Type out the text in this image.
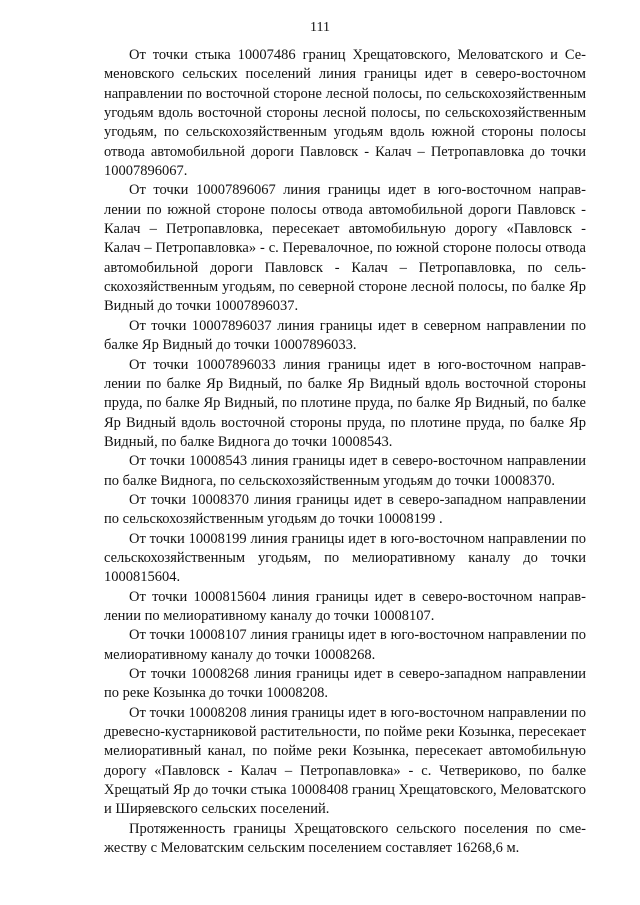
111

От точки стыка 10007486 границ Хрещатовского, Меловатского и Семеновского сельских поселений линия границы идет в северо-восточном направлении по восточной стороне лесной полосы, по сельскохозяйственным угодьям вдоль восточной стороны лесной полосы, по сельскохозяйственным угодьям, по сельскохозяйственным угодьям вдоль южной стороны полосы отвода автомобильной дороги Павловск - Калач – Петропавловка до точки 10007896067.

От точки 10007896067 линия границы идет в юго-восточном направлении по южной стороне полосы отвода автомобильной дороги Павловск - Калач – Петропавловка, пересекает автомобильную дорогу «Павловск - Калач – Петропавловка» - с. Перевалочное, по южной стороне полосы отвода автомобильной дороги Павловск - Калач – Петропавловка, по сельскохозяйственным угодьям, по северной стороне лесной полосы, по балке Яр Видный до точки 10007896037.

От точки 10007896037 линия границы идет в северном направлении по балке Яр Видный до точки 10007896033.

От точки 10007896033 линия границы идет в юго-восточном направлении по балке Яр Видный, по балке Яр Видный вдоль восточной стороны пруда, по балке Яр Видный, по плотине пруда, по балке Яр Видный, по балке Яр Видный вдоль восточной стороны пруда, по плотине пруда, по балке Яр Видный, по балке Виднога до точки 10008543.

От точки 10008543 линия границы идет в северо-восточном направлении по балке Виднога, по сельскохозяйственным угодьям до точки 10008370.

От точки 10008370 линия границы идет в северо-западном направлении по сельскохозяйственным угодьям до точки 10008199 .

От точки 10008199 линия границы идет в юго-восточном направлении по сельскохозяйственным угодьям, по мелиоративному каналу до точки 1000815604.

От точки 1000815604 линия границы идет в северо-восточном направлении по мелиоративному каналу до точки 10008107.

От точки 10008107 линия границы идет в юго-восточном направлении по мелиоративному каналу до точки 10008268.

От точки 10008268 линия границы идет в северо-западном направлении по реке Козынка до точки 10008208.

От точки 10008208 линия границы идет в юго-восточном направлении по древесно-кустарниковой растительности, по пойме реки Козынка, пересекает мелиоративный канал, по пойме реки Козынка, пересекает автомобильную дорогу «Павловск - Калач – Петропавловка» - с. Четвериково, по балке Хрещатый Яр до точки стыка 10008408 границ Хрещатовского, Меловатского и Ширяевского сельских поселений.

Протяженность границы Хрещатовского сельского поселения по смежеству с Меловатским сельским поселением составляет 16268,6 м.
